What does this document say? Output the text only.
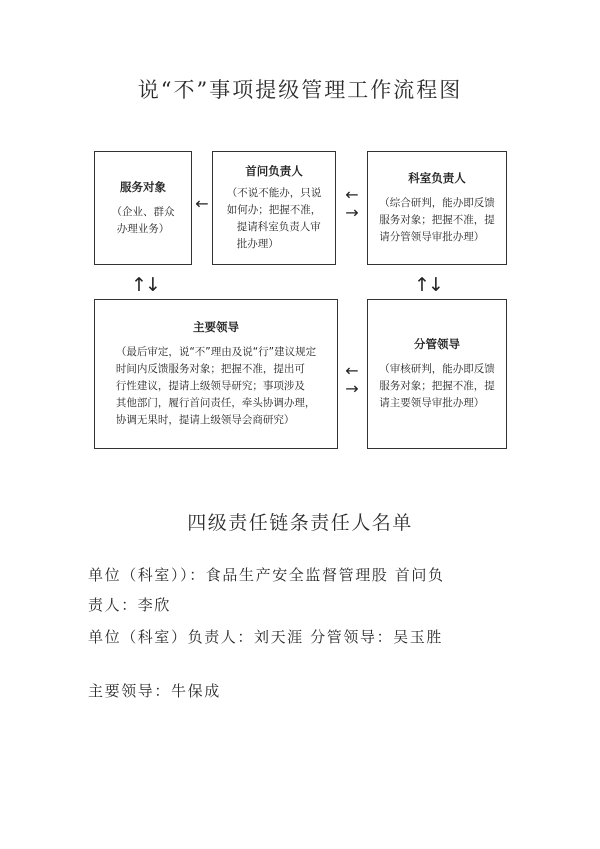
说“不”事项提级管理工作流程图
服务对象
（企业、群众
办理业务）
←
首问负责人
（不说不能办，只说
如何办；把握不准，
提请科室负责人审
批办理）
←
→
科室负责人
（综合研判，能办即反馈
服务对象；把握不准，提
请分管领导审批办理）
↑↓	↑↓
主要领导
（最后审定，说“不”理由及说“行”建议规定
时间内反馈服务对象；把握不准，提出可
行性建议，提请上级领导研究；事项涉及
其他部门，履行首问责任，牵头协调办理，
协调无果时，提请上级领导会商研究）
←
→
分管领导
（审核研判，能办即反馈
服务对象；把握不准，提
请主要领导审批办理）
四级责任链条责任人名单
单位（科室））：食品生产安全监督管理股 首问负责人：李欣
单位（科室）负责人：刘天涯 分管领导：吴玉胜
主要领导：牛保成
